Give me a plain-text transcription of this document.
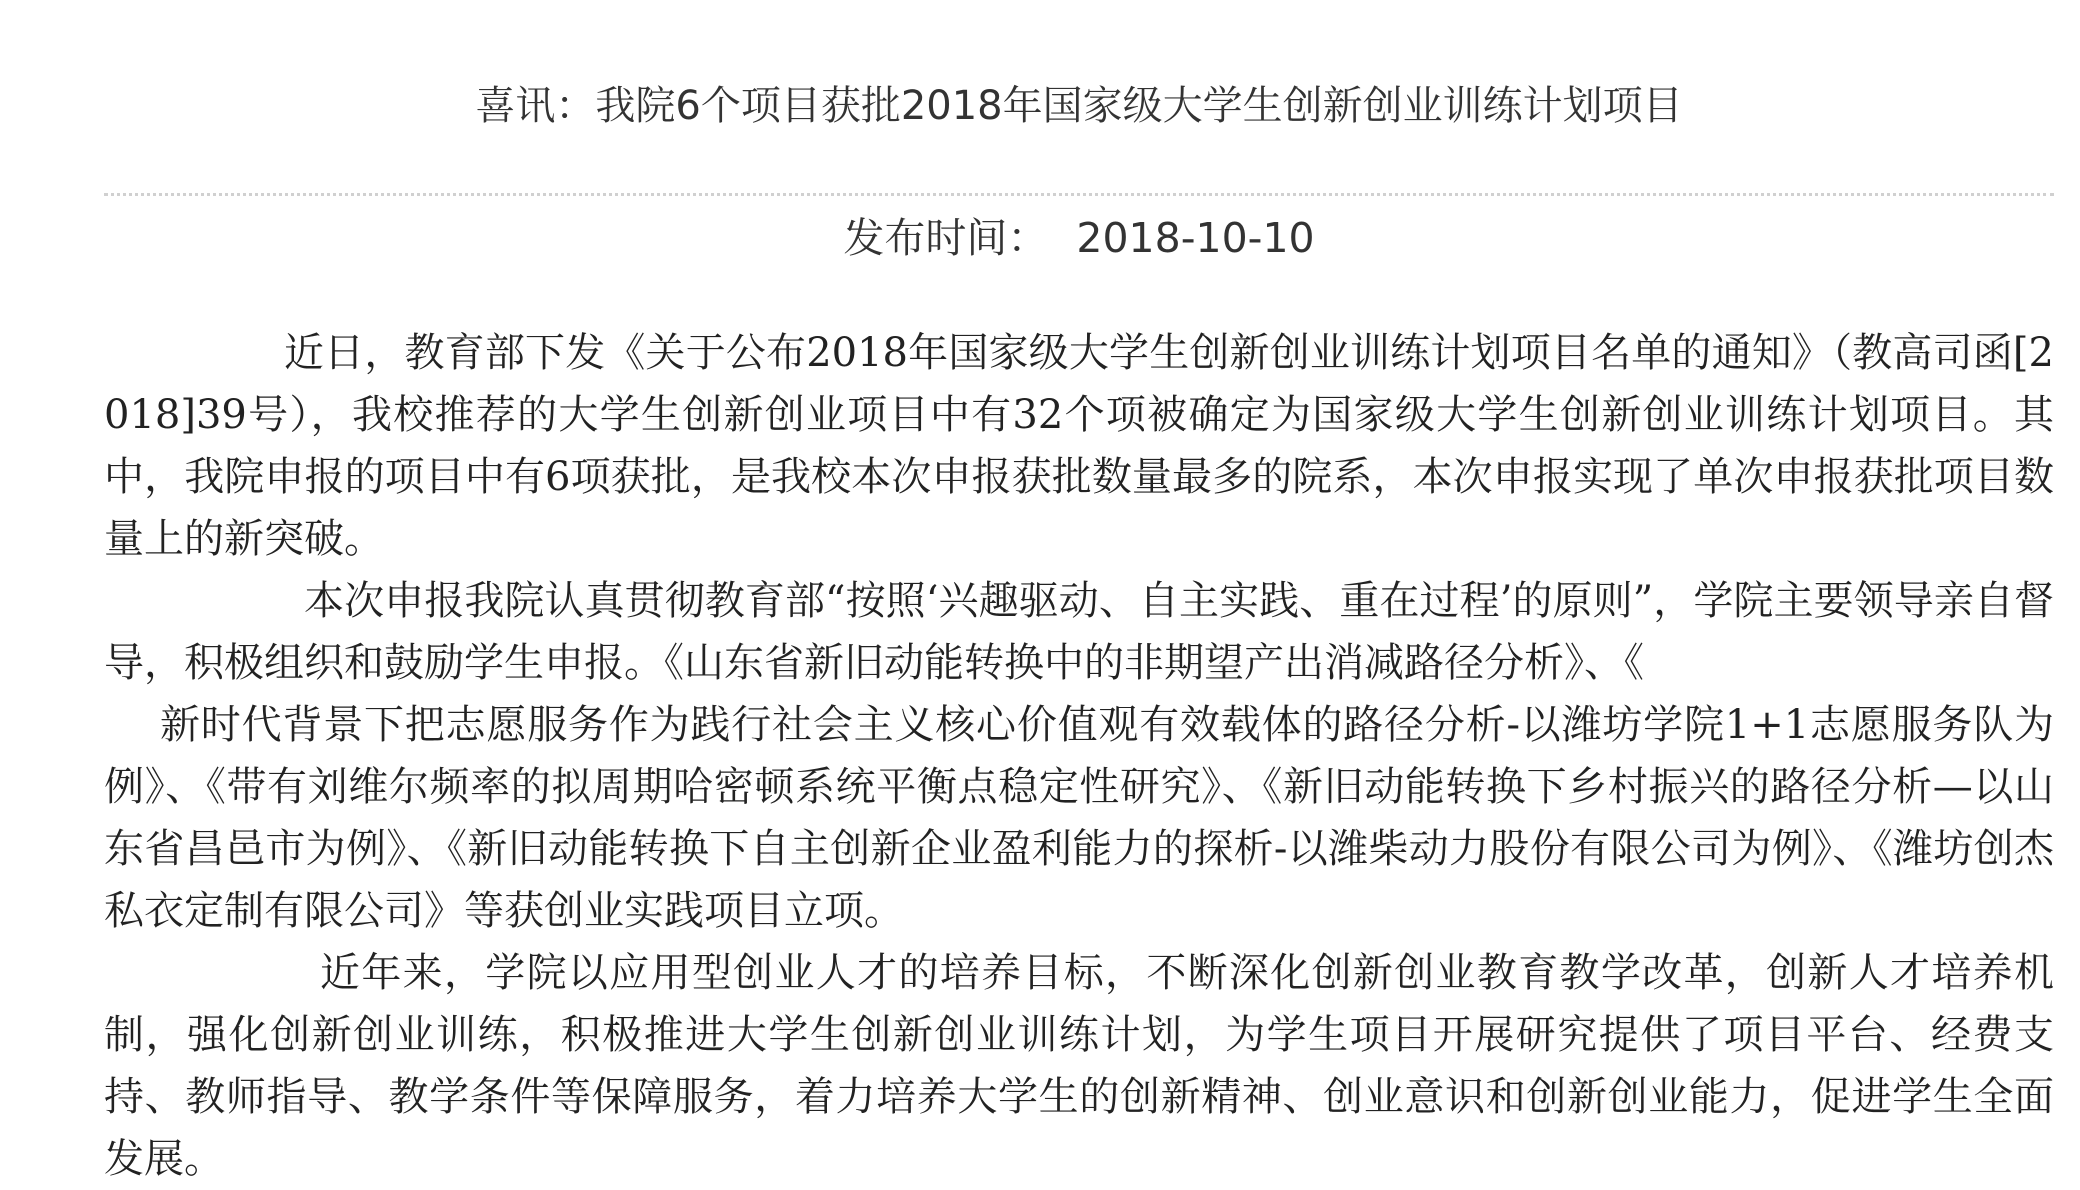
喜讯：我院6个项目获批2018年国家级大学生创新创业训练计划项目
发布时间： 2018-10-10

近日，教育部下发《关于公布2018年国家级大学生创新创业训练计划项目名单的通知》（教高司函[2018]39号），我校推荐的大学生创新创业项目中有32个项被确定为国家级大学生创新创业训练计划项目。其中，我院申报的项目中有6项获批，是我校本次申报获批数量最多的院系，本次申报实现了单次申报获批项目数量上的新突破。

本次申报我院认真贯彻教育部“按照‘兴趣驱动、自主实践、重在过程’的原则”，学院主要领导亲自督导，积极组织和鼓励学生申报。《山东省新旧动能转换中的非期望产出消减路径分析》、《

新时代背景下把志愿服务作为践行社会主义核心价值观有效载体的路径分析-以潍坊学院1+1志愿服务队为例》、《带有刘维尔频率的拟周期哈密顿系统平衡点稳定性研究》、《新旧动能转换下乡村振兴的路径分析—以山东省昌邑市为例》、《新旧动能转换下自主创新企业盈利能力的探析-以潍柴动力股份有限公司为例》、《潍坊创杰私衣定制有限公司》等获创业实践项目立项。

近年来，学院以应用型创业人才的培养目标，不断深化创新创业教育教学改革，创新人才培养机制，强化创新创业训练，积极推进大学生创新创业训练计划，为学生项目开展研究提供了项目平台、经费支持、教师指导、教学条件等保障服务，着力培养大学生的创新精神、创业意识和创新创业能力，促进学生全面发展。
